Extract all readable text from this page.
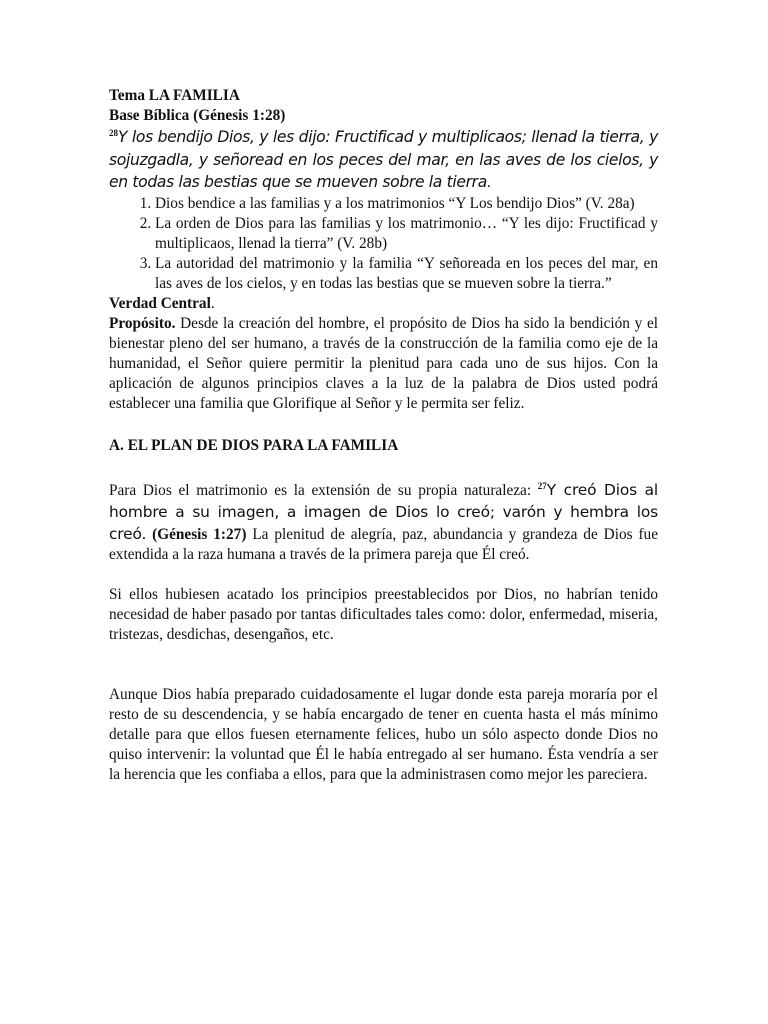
Tema LA FAMILIA
Base Bíblica (Génesis 1:28)
$^{28}$Y los bendijo Dios, y les dijo: Fructificad y multiplicaos; llenad la tierra, y sojuzgadla, y señoread en los peces del mar, en las aves de los cielos, y en todas las bestias que se mueven sobre la tierra.
1. Dios bendice a las familias y a los matrimonios “Y Los bendijo Dios” (V. 28a)
2. La orden de Dios para las familias y los matrimonio… “Y les dijo: Fructificad y multiplicaos, llenad la tierra” (V. 28b)
3. La autoridad del matrimonio y la familia “Y señoreada en los peces del mar, en las aves de los cielos, y en todas las bestias que se mueven sobre la tierra.”
Verdad Central.
Propósito. Desde la creación del hombre, el propósito de Dios ha sido la bendición y el bienestar pleno del ser humano, a través de la construcción de la familia como eje de la humanidad, el Señor quiere permitir la plenitud para cada uno de sus hijos. Con la aplicación de algunos principios claves a la luz de la palabra de Dios usted podrá establecer una familia que Glorifique al Señor y le permita ser feliz.
A. EL PLAN DE DIOS PARA LA FAMILIA
Para Dios el matrimonio es la extensión de su propia naturaleza: $^{27}$Y creó Dios al hombre a su imagen, a imagen de Dios lo creó; varón y hembra los creó. (Génesis 1:27) La plenitud de alegría, paz, abundancia y grandeza de Dios fue extendida a la raza humana a través de la primera pareja que Él creó.
Si ellos hubiesen acatado los principios preestablecidos por Dios, no habrían tenido necesidad de haber pasado por tantas dificultades tales como: dolor, enfermedad, miseria, tristezas, desdichas, desengaños, etc.
Aunque Dios había preparado cuidadosamente el lugar donde esta pareja moraría por el resto de su descendencia, y se había encargado de tener en cuenta hasta el más mínimo detalle para que ellos fuesen eternamente felices, hubo un sólo aspecto donde Dios no quiso intervenir: la voluntad que Él le había entregado al ser humano. Ésta vendría a ser la herencia que les confiaba a ellos, para que la administrasen como mejor les pareciera.
